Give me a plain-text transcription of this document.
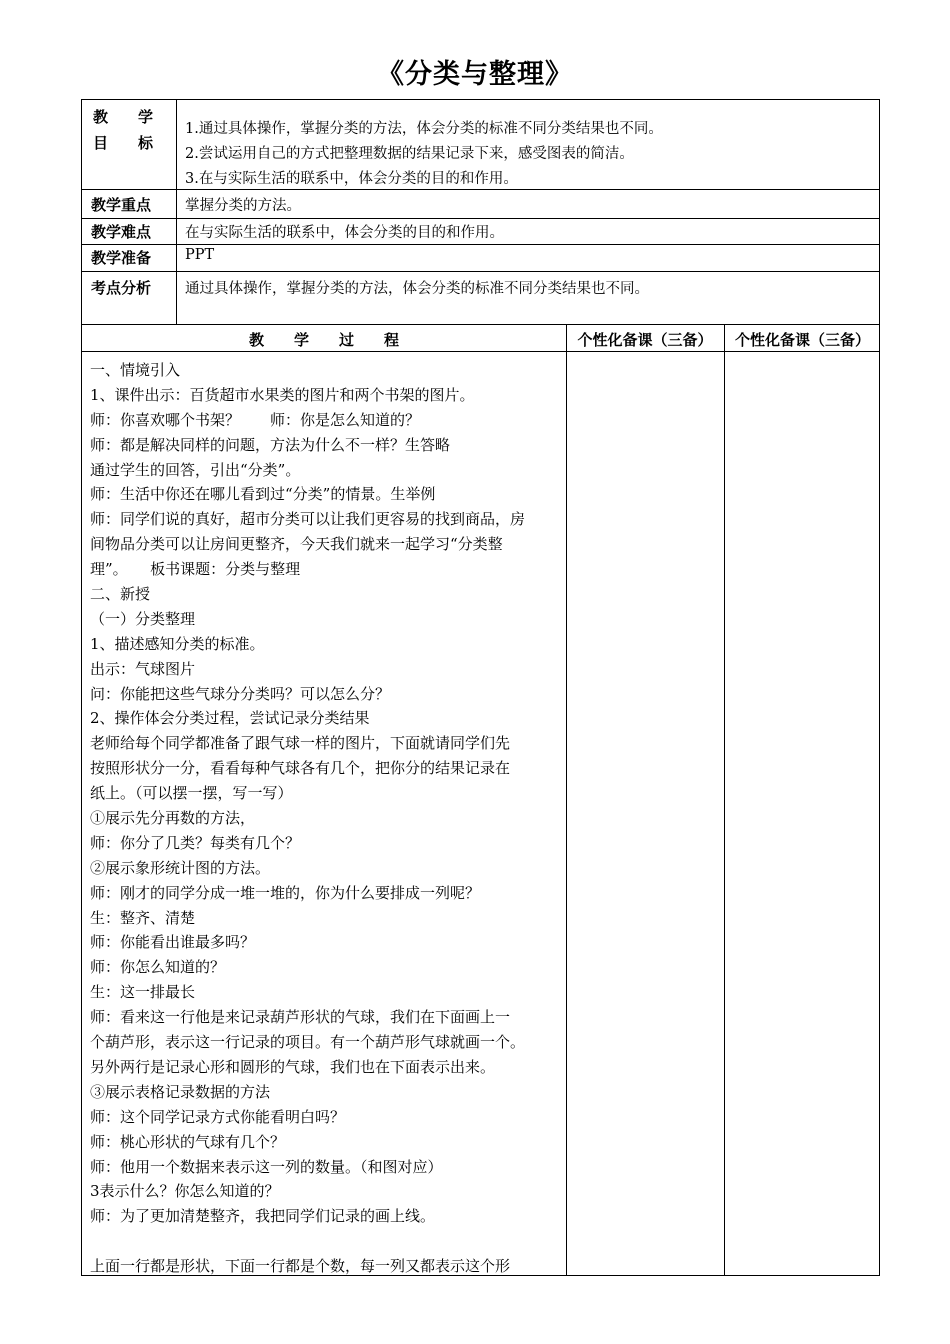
《分类与整理》
教　　学
目　　标
1.通过具体操作，掌握分类的方法，体会分类的标准不同分类结果也不同。
2.尝试运用自己的方式把整理数据的结果记录下来，感受图表的简洁。
3.在与实际生活的联系中，体会分类的目的和作用。
教学重点 掌握分类的方法。
教学难点 在与实际生活的联系中，体会分类的目的和作用。
教学准备 PPT
考点分析 通过具体操作，掌握分类的方法，体会分类的标准不同分类结果也不同。
教　　学　　过　　程	个性化备课（三备）	个性化备课（三备）
一、情境引入
1、课件出示：百货超市水果类的图片和两个书架的图片。
师：你喜欢哪个书架？　　师：你是怎么知道的？
师：都是解决同样的问题，方法为什么不一样？生答略
通过学生的回答，引出“分类”。
师：生活中你还在哪儿看到过“分类”的情景。生举例
师：同学们说的真好，超市分类可以让我们更容易的找到商品，房
间物品分类可以让房间更整齐，今天我们就来一起学习“分类整
理”。　　板书课题：分类与整理
二、新授
（一）分类整理
1、描述感知分类的标准。
出示：气球图片
问：你能把这些气球分分类吗？可以怎么分？
2、操作体会分类过程，尝试记录分类结果
老师给每个同学都准备了跟气球一样的图片，下面就请同学们先
按照形状分一分，看看每种气球各有几个，把你分的结果记录在
纸上。（可以摆一摆，写一写）
①展示先分再数的方法，
师：你分了几类？每类有几个？
②展示象形统计图的方法。
师：刚才的同学分成一堆一堆的，你为什么要排成一列呢？
生：整齐、清楚
师：你能看出谁最多吗？
师：你怎么知道的？
生：这一排最长
师：看来这一行他是来记录葫芦形状的气球，我们在下面画上一
个葫芦形，表示这一行记录的项目。有一个葫芦形气球就画一个。
另外两行是记录心形和圆形的气球，我们也在下面表示出来。
③展示表格记录数据的方法
师：这个同学记录方式你能看明白吗？
师：桃心形状的气球有几个？
师：他用一个数据来表示这一列的数量。（和图对应）
3表示什么？你怎么知道的？
师：为了更加清楚整齐，我把同学们记录的画上线。
上面一行都是形状，下面一行都是个数，每一列又都表示这个形
